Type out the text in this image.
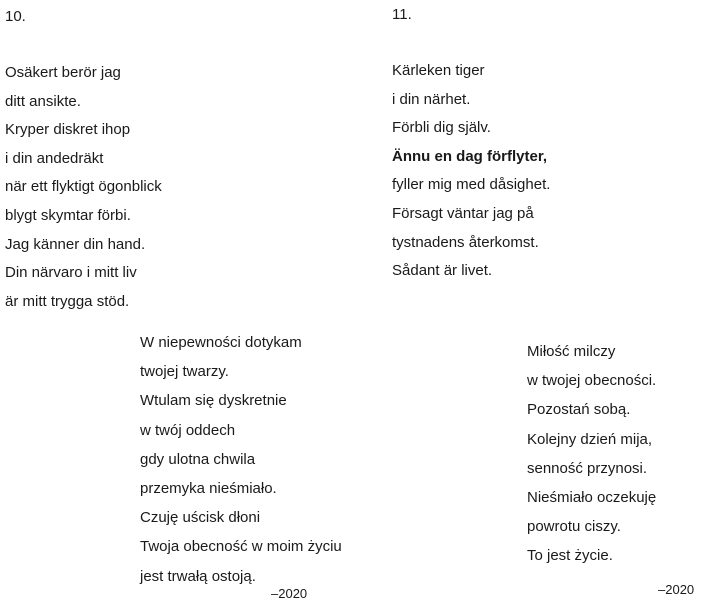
10.	11.
Osäkert berör jag
ditt ansikte.
Kryper diskret ihop
i din andedräkt
när ett flyktigt ögonblick
blygt skymtar förbi.
Jag känner din hand.
Din närvaro i mitt liv
är mitt trygga stöd.
Kärleken tiger
i din närhet.
Förbli dig själv.
Ännu en dag förflyter,
fyller mig med dåsighet.
Försagt väntar jag på
tystnadens återkomst.
Sådant är livet.
W niepewności dotykam
twojej twarzy.
Wtulam się dyskretnie
w twój oddech
gdy ulotna chwila
przemyka nieśmiało.
Czuję uścisk dłoni
Twoja obecność w moim życiu
jest trwałą ostoją.
Miłość milczy
w twojej obecności.
Pozostań sobą.
Kolejny dzień mija,
senność przynosi.
Nieśmiało oczekuję
powrotu ciszy.
To jest życie.
–2020	–2020
